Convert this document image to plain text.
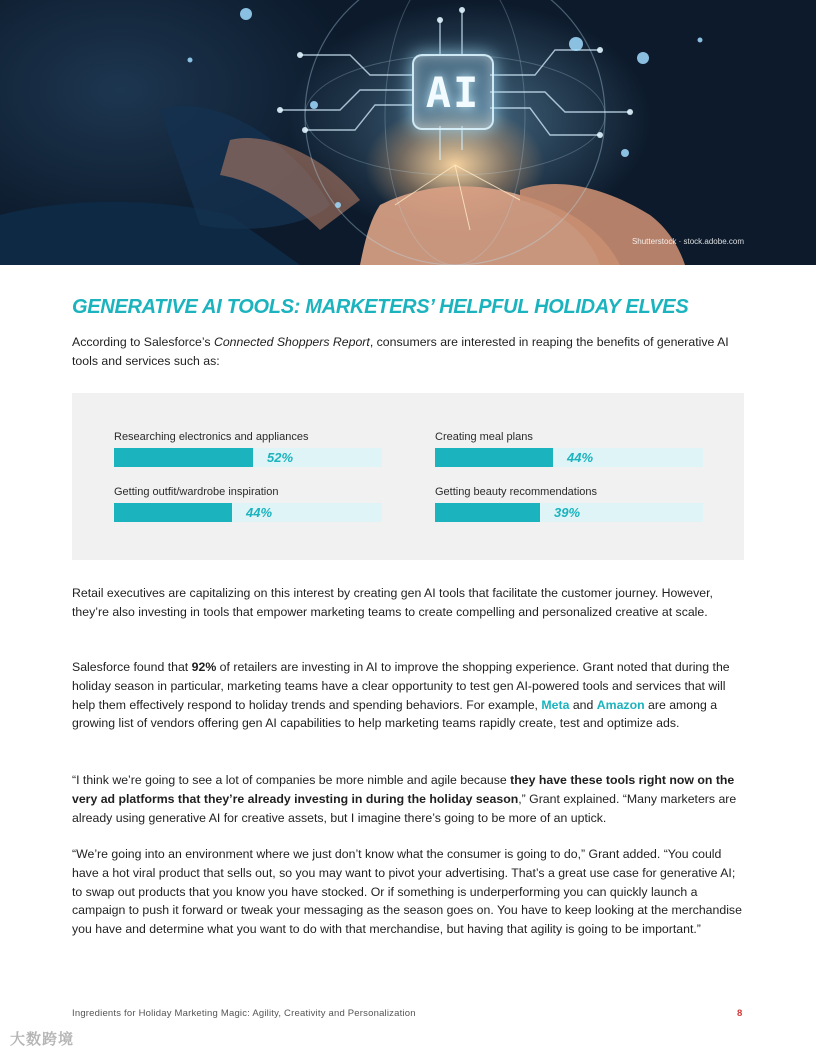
AI
Shutterstock · stock.adobe.com
GENERATIVE AI TOOLS: MARKETERS’ HELPFUL HOLIDAY ELVES

According to Salesforce’s Connected Shoppers Report, consumers are interested in reaping the benefits of generative AI tools and services such as:

Researching electronics and appliances
52%
Creating meal plans
44%
Getting outfit/wardrobe inspiration
44%
Getting beauty recommendations
39%

Retail executives are capitalizing on this interest by creating gen AI tools that facilitate the customer journey. However, they’re also investing in tools that empower marketing teams to create compelling and personalized creative at scale.

Salesforce found that 92% of retailers are investing in AI to improve the shopping experience. Grant noted that during the holiday season in particular, marketing teams have a clear opportunity to test gen AI-powered tools and services that will help them effectively respond to holiday trends and spending behaviors. For example, Meta and Amazon are among a growing list of vendors offering gen AI capabilities to help marketing teams rapidly create, test and optimize ads.

“I think we’re going to see a lot of companies be more nimble and agile because they have these tools right now on the very ad platforms that they’re already investing in during the holiday season,” Grant explained. “Many marketers are already using generative AI for creative assets, but I imagine there’s going to be more of an uptick.

“We’re going into an environment where we just don’t know what the consumer is going to do,” Grant added. “You could have a hot viral product that sells out, so you may want to pivot your advertising. That’s a great use case for generative AI; to swap out products that you know you have stocked. Or if something is underperforming you can quickly launch a campaign to push it forward or tweak your messaging as the season goes on. You have to keep looking at the merchandise you have and determine what you want to do with that merchandise, but having that agility is going to be important.”

Ingredients for Holiday Marketing Magic: Agility, Creativity and Personalization	8
大数跨境
